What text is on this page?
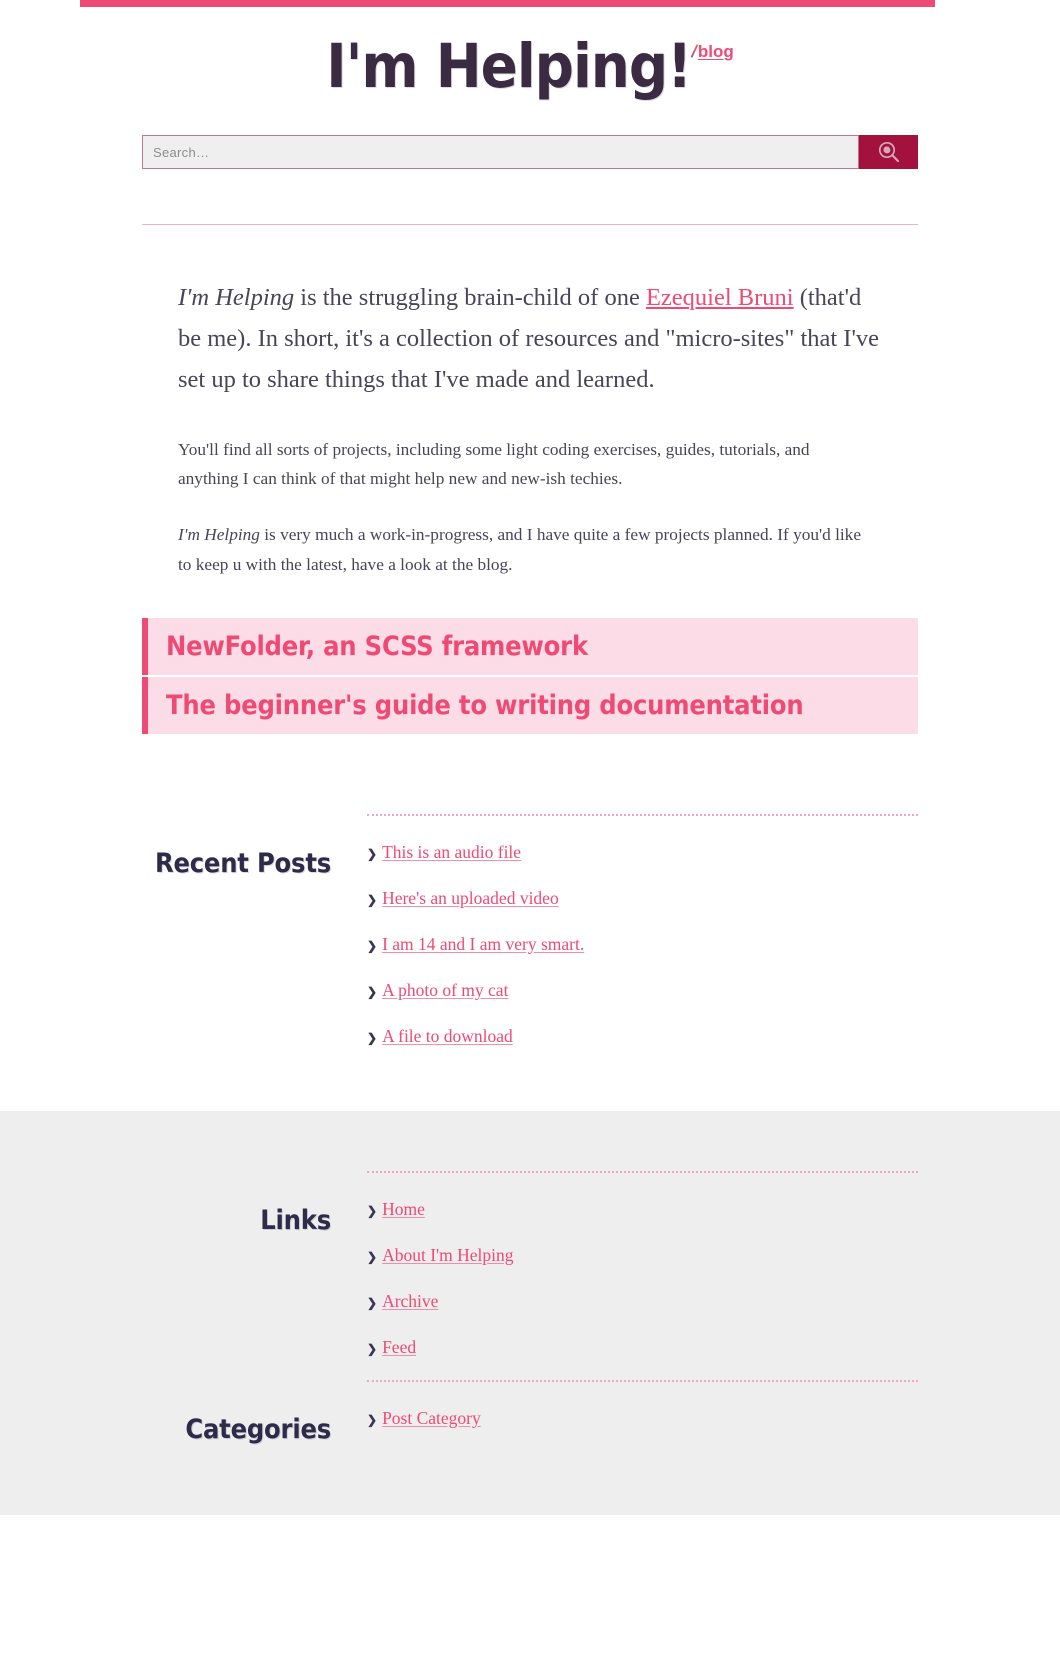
I'm Helping!/blog
Search…

I'm Helping is the struggling brain-child of one Ezequiel Bruni (that'd be me). In short, it's a collection of resources and "micro-sites" that I've set up to share things that I've made and learned.

You'll find all sorts of projects, including some light coding exercises, guides, tutorials, and anything I can think of that might help new and new-ish techies.

I'm Helping is very much a work-in-progress, and I have quite a few projects planned. If you'd like to keep u with the latest, have a look at the blog.

NewFolder, an SCSS framework
The beginner's guide to writing documentation
Recent Posts	❯ This is an audio file
❯ Here's an uploaded video
❯ I am 14 and I am very smart.
❯ A photo of my cat
❯ A file to download
Links	❯ Home
❯ About I'm Helping
❯ Archive
❯ Feed
Categories	❯ Post Category
